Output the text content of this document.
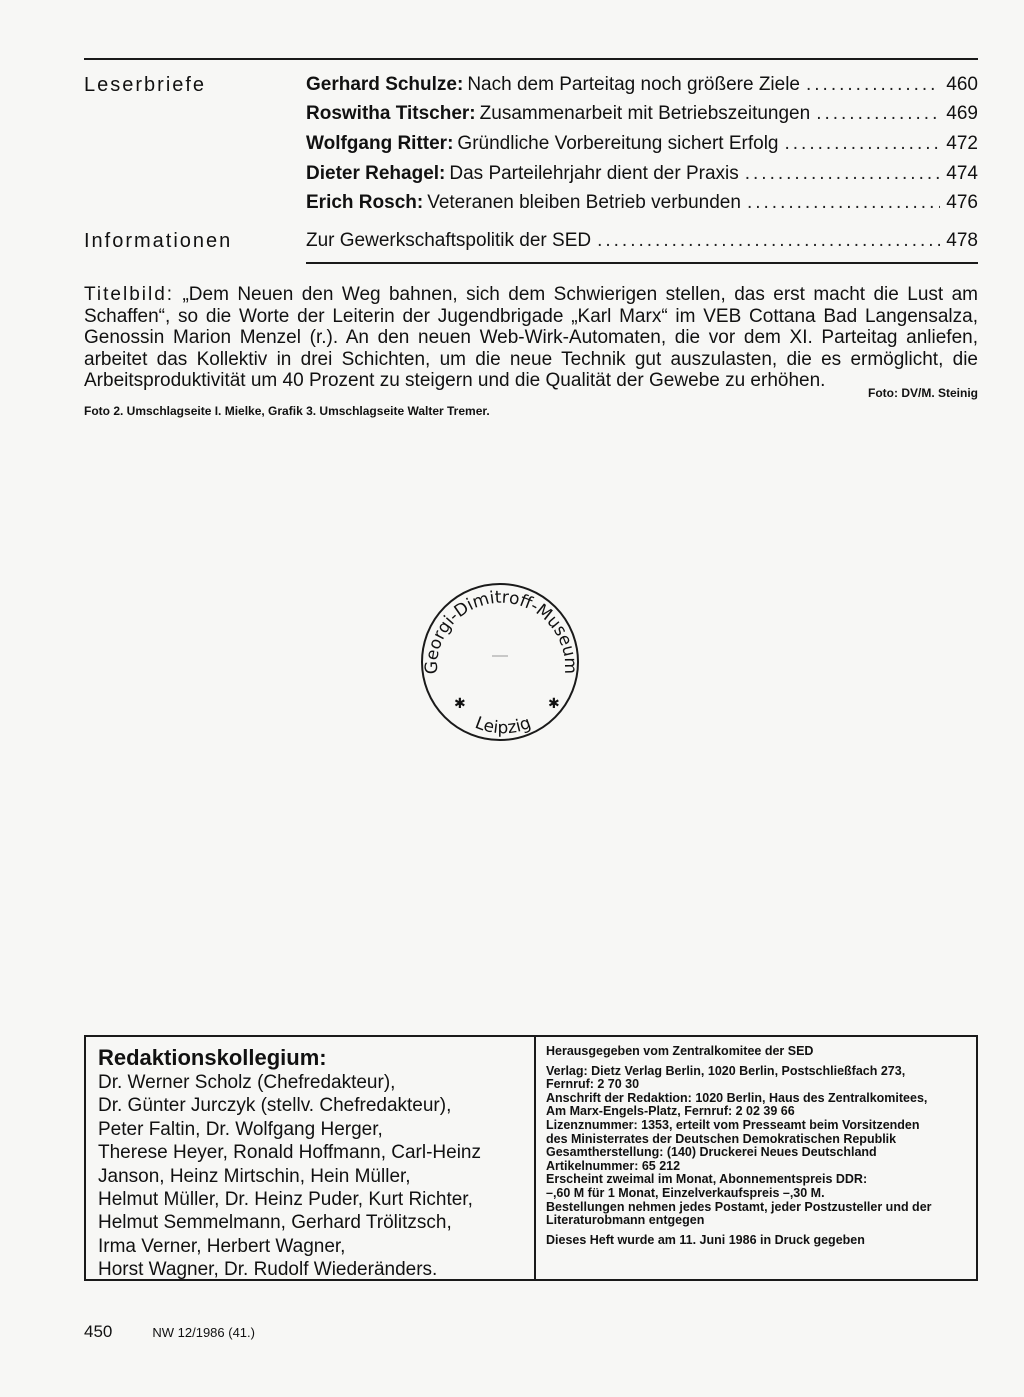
Leserbriefe	Gerhard Schulze: Nach dem Parteitag noch größere Ziele .....	460
Roswitha Titscher: Zusammenarbeit mit Betriebszeitungen .....	469
Wolfgang Ritter: Gründliche Vorbereitung sichert Erfolg .....	472
Dieter Rehagel: Das Parteilehrjahr dient der Praxis .....	474
Erich Rosch: Veteranen bleiben Betrieb verbunden .....	476
Informationen	Zur Gewerkschaftspolitik der SED .....	478
Titelbild: „Dem Neuen den Weg bahnen, sich dem Schwierigen stellen, das erst macht die Lust am Schaffen“, so die Worte der Leiterin der Jugendbrigade „Karl Marx“ im VEB Cottana Bad Langensalza, Genossin Marion Menzel (r.). An den neuen Web-Wirk-Automaten, die vor dem XI. Parteitag anliefen, arbeitet das Kollektiv in drei Schichten, um die neue Technik gut auszulasten, die es ermöglicht, die Arbeitsproduktivität um 40 Prozent zu steigern und die Qualität der Gewebe zu erhöhen.
Foto: DV/M. Steinig
Foto 2. Umschlagseite I. Mielke, Grafik 3. Umschlagseite Walter Tremer.
Georgi-Dimitroff-Museum
Leipzig
✱	✱
Redaktionskollegium:
Dr. Werner Scholz (Chefredakteur),
Dr. Günter Jurczyk (stellv. Chefredakteur),
Peter Faltin, Dr. Wolfgang Herger,
Therese Heyer, Ronald Hoffmann, Carl-Heinz
Janson, Heinz Mirtschin, Hein Müller,
Helmut Müller, Dr. Heinz Puder, Kurt Richter,
Helmut Semmelmann, Gerhard Trölitzsch,
Irma Verner, Herbert Wagner,
Horst Wagner, Dr. Rudolf Wiederänders.
Herausgegeben vom Zentralkomitee der SED
Verlag: Dietz Verlag Berlin, 1020 Berlin, Postschließfach 273,
Fernruf: 2 70 30
Anschrift der Redaktion: 1020 Berlin, Haus des Zentralkomitees,
Am Marx-Engels-Platz, Fernruf: 2 02 39 66
Lizenznummer: 1353, erteilt vom Presseamt beim Vorsitzenden
des Ministerrates der Deutschen Demokratischen Republik
Gesamtherstellung: (140) Druckerei Neues Deutschland
Artikelnummer: 65 212
Erscheint zweimal im Monat, Abonnementspreis DDR:
–,60 M für 1 Monat, Einzelverkaufspreis –,30 M.
Bestellungen nehmen jedes Postamt, jeder Postzusteller und der
Literaturobmann entgegen
Dieses Heft wurde am 11. Juni 1986 in Druck gegeben
450	NW 12/1986 (41.)
